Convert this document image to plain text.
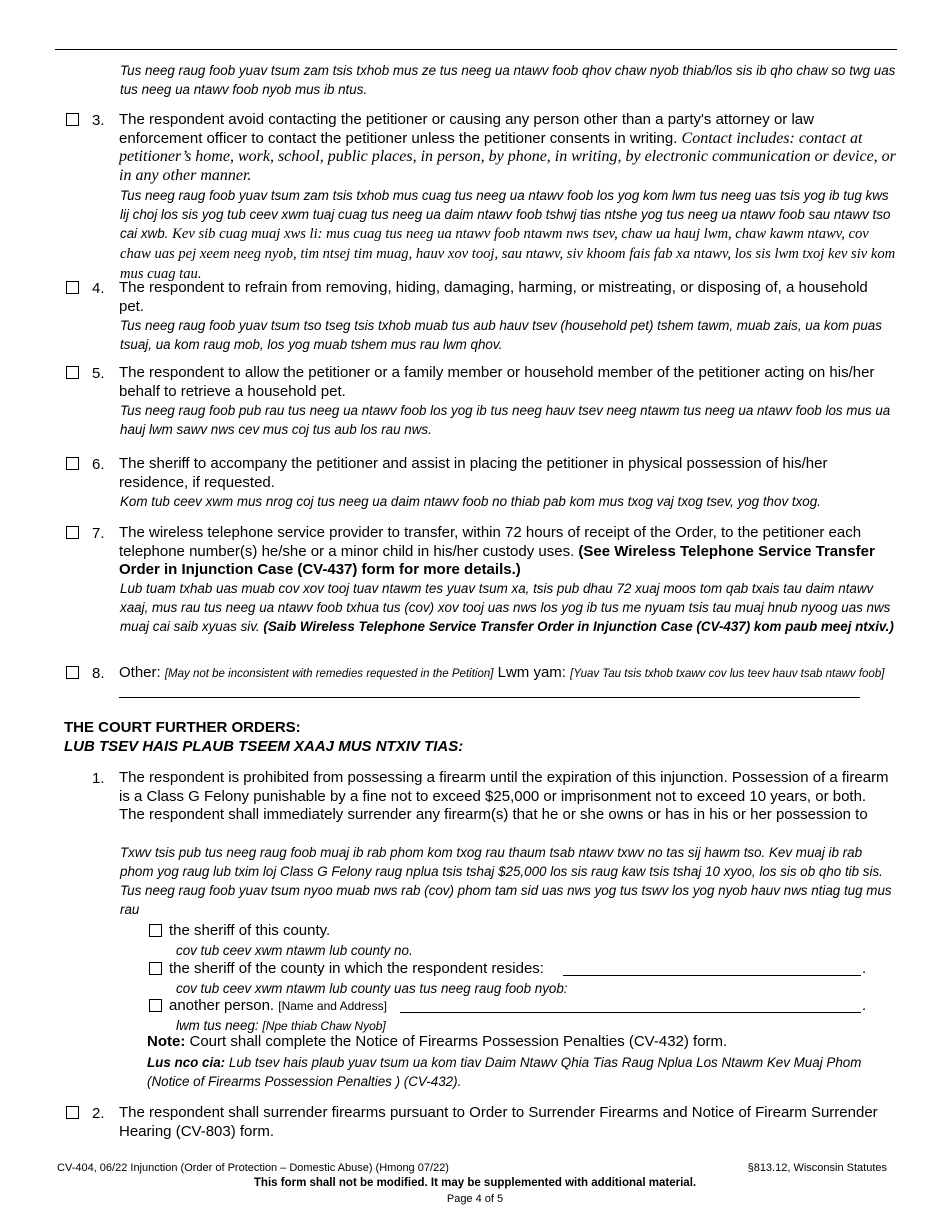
Tus neeg raug foob yuav tsum zam tsis txhob mus ze tus neeg ua ntawv foob qhov chaw nyob thiab/los sis ib qho chaw so twg uas tus neeg ua ntawv foob nyob mus ib ntus.
3. The respondent avoid contacting the petitioner or causing any person other than a party's attorney or law enforcement officer to contact the petitioner unless the petitioner consents in writing. Contact includes: contact at petitioner’s home, work, school, public places, in person, by phone, in writing, by electronic communication or device, or in any other manner.
Tus neeg raug foob yuav tsum zam tsis txhob mus cuag tus neeg ua ntawv foob los yog kom lwm tus neeg uas tsis yog ib tug kws lij choj los sis yog tub ceev xwm tuaj cuag tus neeg ua daim ntawv foob tshwj tias ntshe yog tus neeg ua ntawv foob sau ntawv tso cai xwb. Kev sib cuag muaj xws li: mus cuag tus neeg ua ntawv foob ntawm nws tsev, chaw ua hauj lwm, chaw kawm ntawv, cov chaw uas pej xeem neeg nyob, tim ntsej tim muag, hauv xov tooj, sau ntawv, siv khoom fais fab xa ntawv, los sis lwm txoj kev siv kom mus cuag tau.
4. The respondent to refrain from removing, hiding, damaging, harming, or mistreating, or disposing of, a household pet.
Tus neeg raug foob yuav tsum tso tseg tsis txhob muab tus aub hauv tsev (household pet) tshem tawm, muab zais, ua kom puas tsuaj, ua kom raug mob, los yog muab tshem mus rau lwm qhov.
5. The respondent to allow the petitioner or a family member or household member of the petitioner acting on his/her behalf to retrieve a household pet.
Tus neeg raug foob pub rau tus neeg ua ntawv foob los yog ib tus neeg hauv tsev neeg ntawm tus neeg ua ntawv foob los mus ua hauj lwm sawv nws cev mus coj tus aub los rau nws.
6. The sheriff to accompany the petitioner and assist in placing the petitioner in physical possession of his/her residence, if requested.
Kom tub ceev xwm mus nrog coj tus neeg ua daim ntawv foob no thiab pab kom mus txog vaj txog tsev, yog thov txog.
7. The wireless telephone service provider to transfer, within 72 hours of receipt of the Order, to the petitioner each telephone number(s) he/she or a minor child in his/her custody uses. (See Wireless Telephone Service Transfer Order in Injunction Case (CV-437) form for more details.)
Lub tuam txhab uas muab cov xov tooj tuav ntawm tes yuav tsum xa, tsis pub dhau 72 xuaj moos tom qab txais tau daim ntawv xaaj, mus rau tus neeg ua ntawv foob txhua tus (cov) xov tooj uas nws los yog ib tus me nyuam tsis tau muaj hnub nyoog uas nws muaj cai saib xyuas siv. (Saib Wireless Telephone Service Transfer Order in Injunction Case (CV-437) kom paub meej ntxiv.)
8. Other: [May not be inconsistent with remedies requested in the Petition] Lwm yam: [Yuav Tau tsis txhob txawv cov lus teev hauv tsab ntawv foob]
THE COURT FURTHER ORDERS:
LUB TSEV HAIS PLAUB TSEEM XAAJ MUS NTXIV TIAS:
1. The respondent is prohibited from possessing a firearm until the expiration of this injunction. Possession of a firearm is a Class G Felony punishable by a fine not to exceed $25,000 or imprisonment not to exceed 10 years, or both. The respondent shall immediately surrender any firearm(s) that he or she owns or has in his or her possession to
Txwv tsis pub tus neeg raug foob muaj ib rab phom kom txog rau thaum tsab ntawv txwv no tas sij hawm tso. Kev muaj ib rab phom yog raug lub txim loj Class G Felony raug nplua tsis tshaj $25,000 los sis raug kaw tsis tshaj 10 xyoo, los sis ob qho tib sis. Tus neeg raug foob yuav tsum nyoo muab nws rab (cov) phom tam sid uas nws yog tus tswv los yog nyob hauv nws ntiag tug mus rau
the sheriff of this county.
cov tub ceev xwm ntawm lub county no.
the sheriff of the county in which the respondent resides:	.
cov tub ceev xwm ntawm lub county uas tus neeg raug foob nyob:
another person. [Name and Address]	.
lwm tus neeg: [Npe thiab Chaw Nyob]
Note: Court shall complete the Notice of Firearms Possession Penalties (CV-432) form.
Lus nco cia: Lub tsev hais plaub yuav tsum ua kom tiav Daim Ntawv Qhia Tias Raug Nplua Los Ntawm Kev Muaj Phom (Notice of Firearms Possession Penalties ) (CV-432).
2. The respondent shall surrender firearms pursuant to Order to Surrender Firearms and Notice of Firearm Surrender Hearing (CV-803) form.
CV-404, 06/22 Injunction (Order of Protection – Domestic Abuse) (Hmong 07/22)	§813.12, Wisconsin Statutes
This form shall not be modified. It may be supplemented with additional material.
Page 4 of 5
